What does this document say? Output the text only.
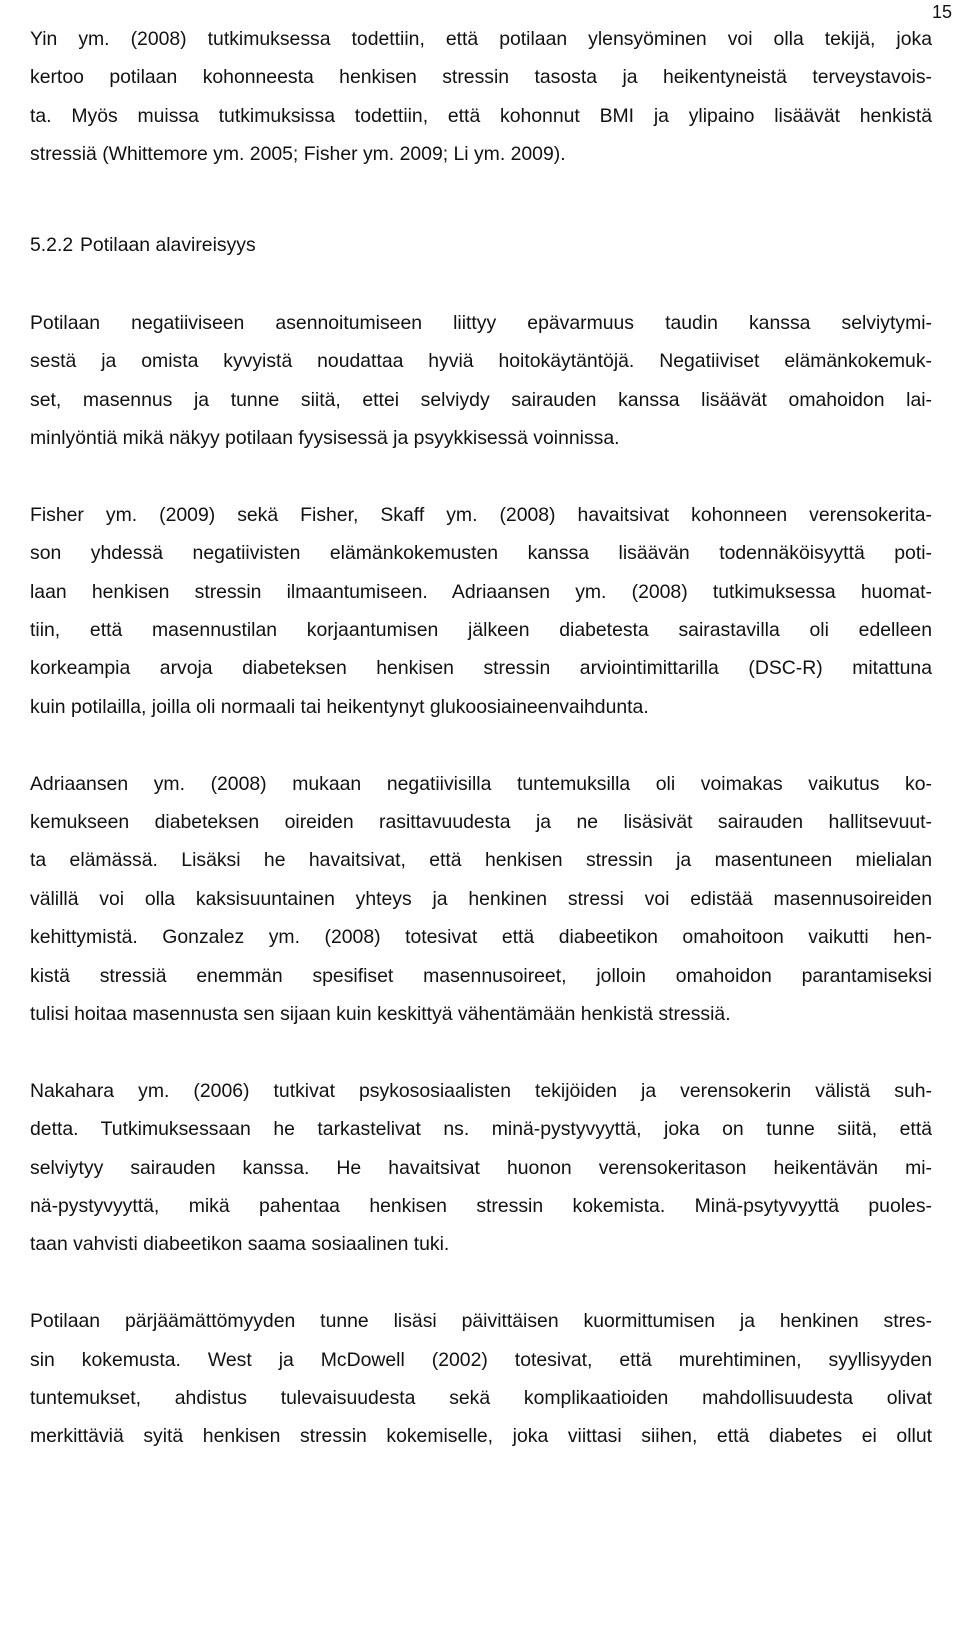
15
Yin ym. (2008) tutkimuksessa todettiin, että potilaan ylensyöminen voi olla tekijä, joka
kertoo potilaan kohonneesta henkisen stressin tasosta ja heikentyneistä terveystavois-
ta. Myös muissa tutkimuksissa todettiin, että kohonnut BMI ja ylipaino lisäävät henkistä
stressiä (Whittemore ym. 2005; Fisher ym. 2009; Li ym. 2009).
5.2.2 Potilaan alavireisyys
Potilaan negatiiviseen asennoitumiseen liittyy epävarmuus taudin kanssa selviytymi-
sestä ja omista kyvyistä noudattaa hyviä hoitokäytäntöjä. Negatiiviset elämänkokemuk-
set, masennus ja tunne siitä, ettei selviydy sairauden kanssa lisäävät omahoidon lai-
minlyöntiä mikä näkyy potilaan fyysisessä ja psyykkisessä voinnissa.
Fisher ym. (2009) sekä Fisher, Skaff ym. (2008) havaitsivat kohonneen verensokerita-
son yhdessä negatiivisten elämänkokemusten kanssa lisäävän todennäköisyyttä poti-
laan henkisen stressin ilmaantumiseen. Adriaansen ym. (2008) tutkimuksessa huomat-
tiin, että masennustilan korjaantumisen jälkeen diabetesta sairastavilla oli edelleen
korkeampia arvoja diabeteksen henkisen stressin arviointimittarilla (DSC-R) mitattuna
kuin potilailla, joilla oli normaali tai heikentynyt glukoosiaineenvaihdunta.
Adriaansen ym. (2008) mukaan negatiivisilla tuntemuksilla oli voimakas vaikutus ko-
kemukseen diabeteksen oireiden rasittavuudesta ja ne lisäsivät sairauden hallitsevuut-
ta elämässä. Lisäksi he havaitsivat, että henkisen stressin ja masentuneen mielialan
välillä voi olla kaksisuuntainen yhteys ja henkinen stressi voi edistää masennusoireiden
kehittymistä. Gonzalez ym. (2008) totesivat että diabeetikon omahoitoon vaikutti hen-
kistä stressiä enemmän spesifiset masennusoireet, jolloin omahoidon parantamiseksi
tulisi hoitaa masennusta sen sijaan kuin keskittyä vähentämään henkistä stressiä.
Nakahara ym. (2006) tutkivat psykososiaalisten tekijöiden ja verensokerin välistä suh-
detta. Tutkimuksessaan he tarkastelivat ns. minä-pystyvyyttä, joka on tunne siitä, että
selviytyy sairauden kanssa. He havaitsivat huonon verensokeritason heikentävän mi-
nä-pystyvyyttä, mikä pahentaa henkisen stressin kokemista. Minä-psytyvyyttä puoles-
taan vahvisti diabeetikon saama sosiaalinen tuki.
Potilaan pärjäämättömyyden tunne lisäsi päivittäisen kuormittumisen ja henkinen stres-
sin kokemusta. West ja McDowell (2002) totesivat, että murehtiminen, syyllisyyden
tuntemukset, ahdistus tulevaisuudesta sekä komplikaatioiden mahdollisuudesta olivat
merkittäviä syitä henkisen stressin kokemiselle, joka viittasi siihen, että diabetes ei ollut
